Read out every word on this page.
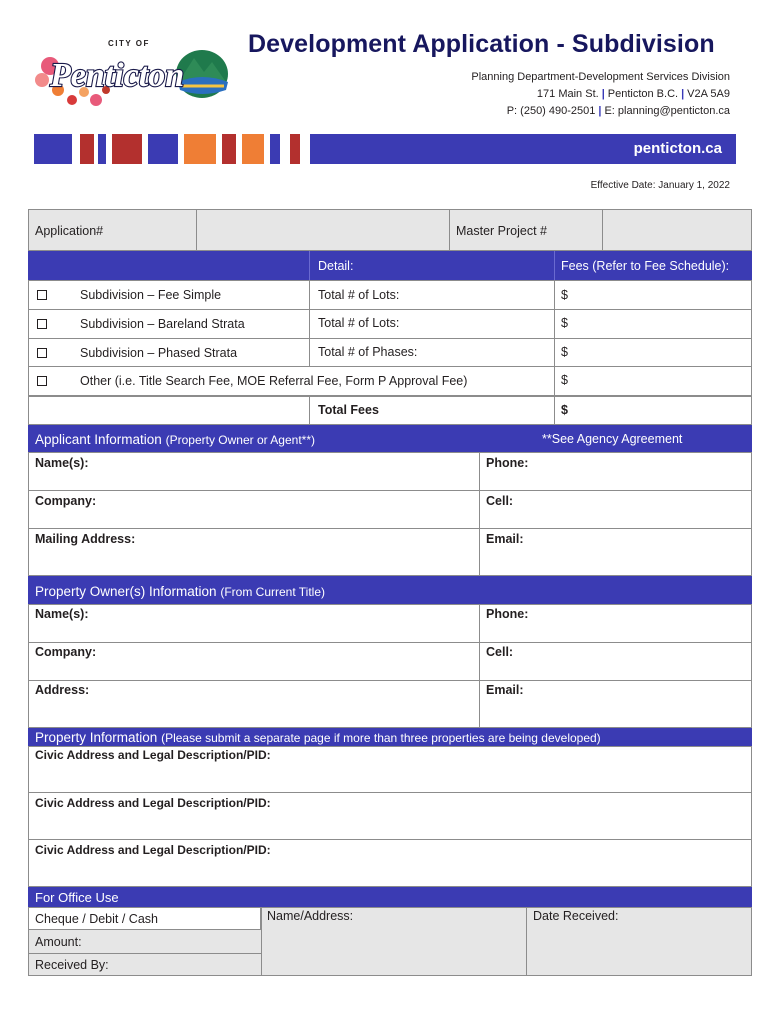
Penticton
CITY OF	Development Application - Subdivision
Planning Department-Development Services Division
171 Main St. | Penticton B.C. | V2A 5A9
P: (250) 490-2501 | E: planning@penticton.ca
penticton.ca
Effective Date: January 1, 2022
Application#	Master Project #
Detail:	Fees (Refer to Fee Schedule):
Subdivision – Fee Simple	Total # of Lots:	$
Subdivision – Bareland Strata	Total # of Lots:	$
Subdivision – Phased Strata	Total # of Phases:	$
Other (i.e. Title Search Fee, MOE Referral Fee, Form P Approval Fee)	$
Total Fees	$
Applicant Information (Property Owner or Agent**)	**See Agency Agreement
Name(s):	Phone:
Company:	Cell:
Mailing Address:	Email:
Property Owner(s) Information (From Current Title)
Name(s):	Phone:
Company:	Cell:
Address:	Email:
Property Information (Please submit a separate page if more than three properties are being developed)
Civic Address and Legal Description/PID:
Civic Address and Legal Description/PID:
Civic Address and Legal Description/PID:
For Office Use
Cheque / Debit / Cash
Amount:
Received By:
Name/Address:	Date Received:
